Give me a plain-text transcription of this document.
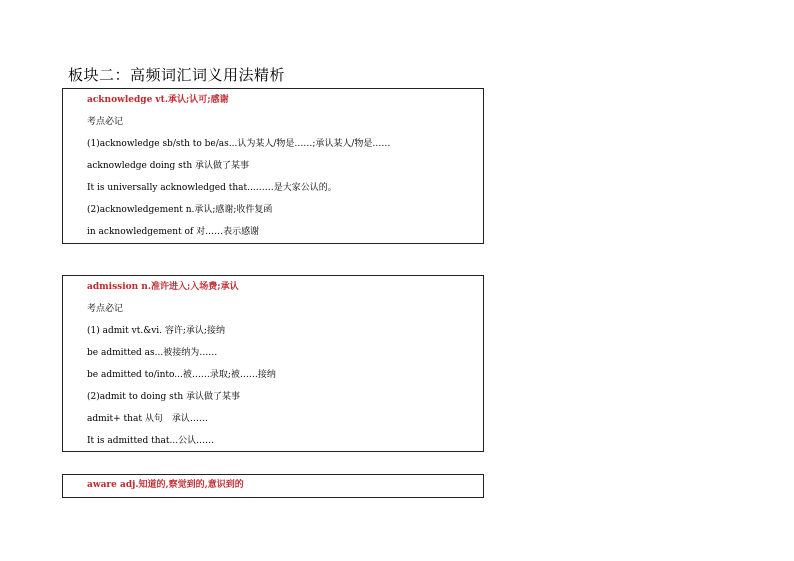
板块二：高频词汇词义用法精析
acknowledge vt.承认;认可;感谢
考点必记
(1)acknowledge sb/sth to be/as...认为某人/物是……;承认某人/物是……
acknowledge doing sth 承认做了某事
It is universally acknowledged that...……是大家公认的。
(2)acknowledgement n.承认;感谢;收件复函
in acknowledgement of 对……表示感谢
admission n.准许进入;入场费;承认
考点必记
(1) admit vt.&vi. 容许;承认;接纳
be admitted as...被接纳为……
be admitted to/into...被……录取;被……接纳
(2)admit to doing sth 承认做了某事
admit+ that 从句　承认……
It is admitted that...公认……
aware adj.知道的,察觉到的,意识到的
